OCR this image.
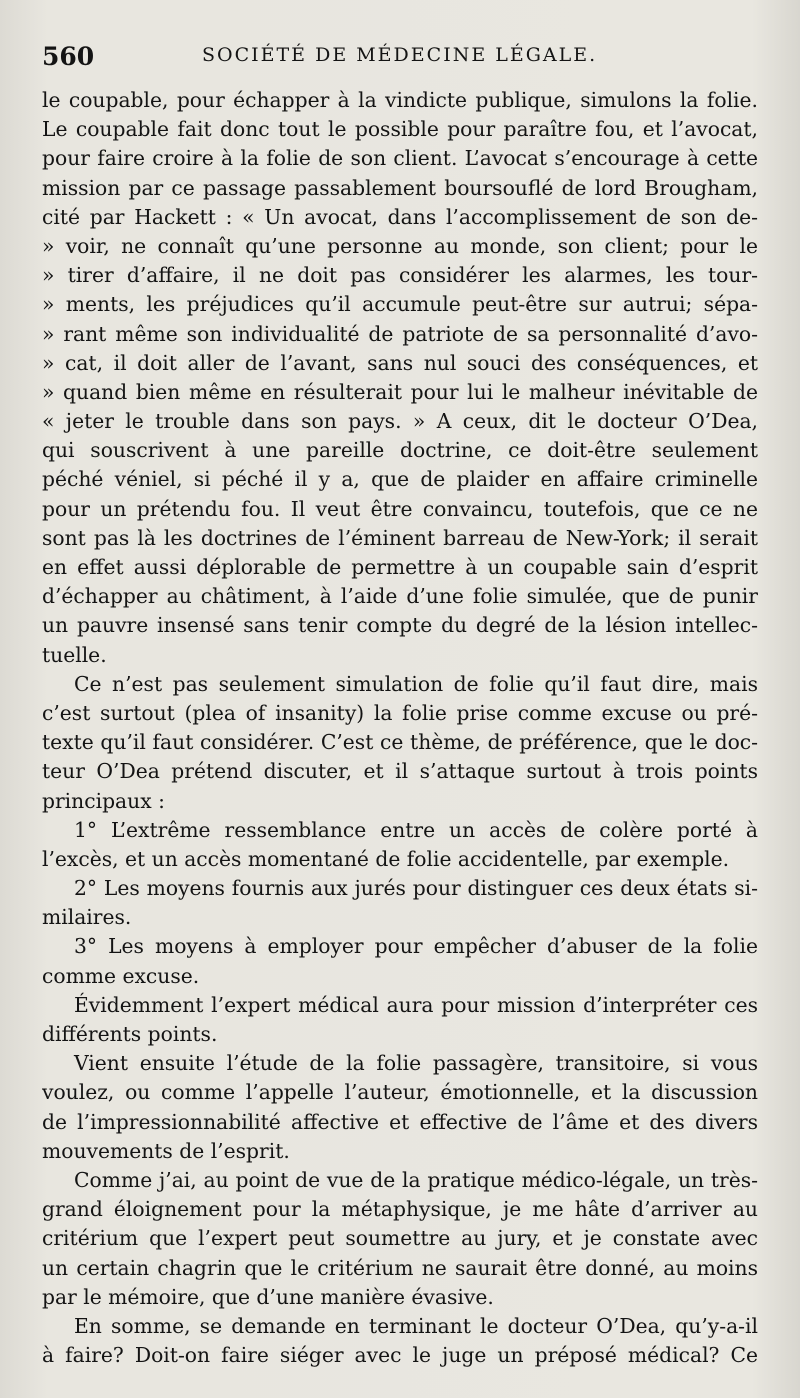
560	SOCIÉTÉ DE MÉDECINE LÉGALE.
le coupable, pour échapper à la vindicte publique, simulons la folie.
Le coupable fait donc tout le possible pour paraître fou, et l’avocat,
pour faire croire à la folie de son client. L’avocat s’encourage à cette
mission par ce passage passablement boursouflé de lord Brougham,
cité par Hackett : « Un avocat, dans l’accomplissement de son de-
» voir, ne connaît qu’une personne au monde, son client; pour le
» tirer d’affaire, il ne doit pas considérer les alarmes, les tour-
» ments, les préjudices qu’il accumule peut-être sur autrui; sépa-
» rant même son individualité de patriote de sa personnalité d’avo-
» cat, il doit aller de l’avant, sans nul souci des conséquences, et
» quand bien même en résulterait pour lui le malheur inévitable de
« jeter le trouble dans son pays. » A ceux, dit le docteur O’Dea,
qui souscrivent à une pareille doctrine, ce doit-être seulement
péché véniel, si péché il y a, que de plaider en affaire criminelle
pour un prétendu fou. Il veut être convaincu, toutefois, que ce ne
sont pas là les doctrines de l’éminent barreau de New-York; il serait
en effet aussi déplorable de permettre à un coupable sain d’esprit
d’échapper au châtiment, à l’aide d’une folie simulée, que de punir
un pauvre insensé sans tenir compte du degré de la lésion intellec-
tuelle.
Ce n’est pas seulement simulation de folie qu’il faut dire, mais
c’est surtout (plea of insanity) la folie prise comme excuse ou pré-
texte qu’il faut considérer. C’est ce thème, de préférence, que le doc-
teur O’Dea prétend discuter, et il s’attaque surtout à trois points
principaux :
1° L’extrême ressemblance entre un accès de colère porté à
l’excès, et un accès momentané de folie accidentelle, par exemple.
2° Les moyens fournis aux jurés pour distinguer ces deux états si-
milaires.
3° Les moyens à employer pour empêcher d’abuser de la folie
comme excuse.
Évidemment l’expert médical aura pour mission d’interpréter ces
différents points.
Vient ensuite l’étude de la folie passagère, transitoire, si vous
voulez, ou comme l’appelle l’auteur, émotionnelle, et la discussion
de l’impressionnabilité affective et effective de l’âme et des divers
mouvements de l’esprit.
Comme j’ai, au point de vue de la pratique médico-légale, un très-
grand éloignement pour la métaphysique, je me hâte d’arriver au
critérium que l’expert peut soumettre au jury, et je constate avec
un certain chagrin que le critérium ne saurait être donné, au moins
par le mémoire, que d’une manière évasive.
En somme, se demande en terminant le docteur O’Dea, qu’y-a-il
à faire? Doit-on faire siéger avec le juge un préposé médical? Ce
